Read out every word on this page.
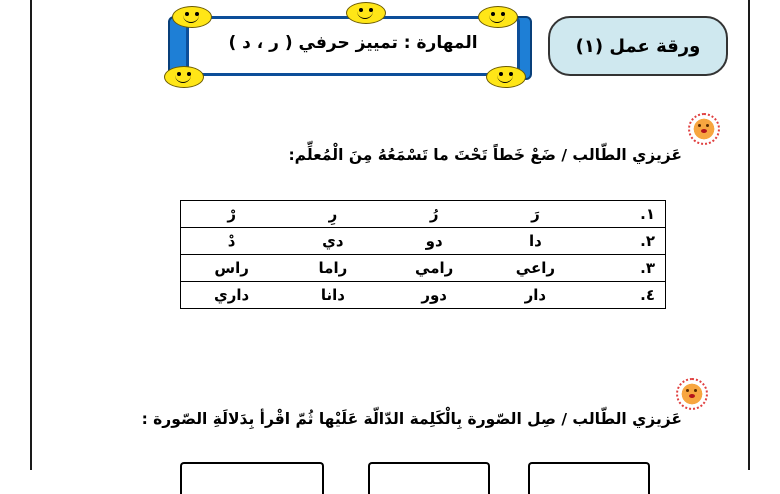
المهارة : تمييز حرفي ( ر ، د )	ورقة عمل (١)
عَزيزي الطّالب / ضَعْ خَطاً تَحْتَ ما تَسْمَعُهُ مِنَ الْمُعلِّم:
١.	رَ	رُ	رِ	رْ
٢.	دا	دو	دي	دْ
٣.	راعي	رامي	راما	راس
٤.	دار	دور	دانا	داري
عَزيزي الطّالب / صِل الصّورة بِالْكَلِمة الدّالّة عَلَيْها ثُمّ اقْرأ بِدَلالَةِ الصّورة :
